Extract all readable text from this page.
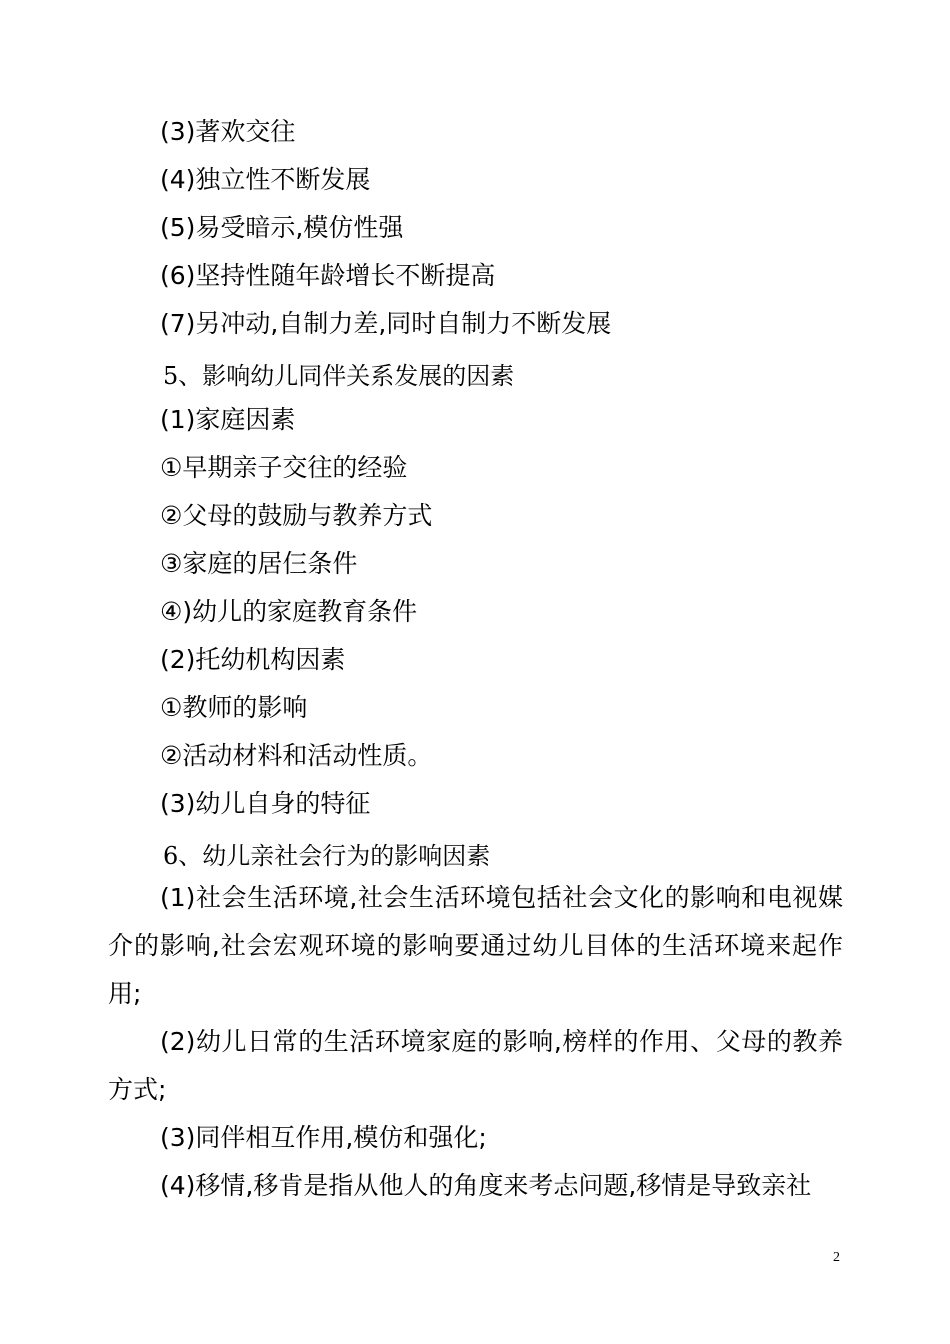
(3)著欢交往
(4)独立性不断发展
(5)易受暗示,模仿性强
(6)坚持性随年龄增长不断提高
(7)另冲动,自制力差,同时自制力不断发展
5、影响幼儿同伴关系发展的因素
(1)家庭因素
①早期亲子交往的经验
②父母的鼓励与教养方式
③家庭的居仨条件
④)幼儿的家庭教育条件
(2)托幼机构因素
①教师的影响
②活动材料和活动性质。
(3)幼儿自身的特征
6、幼儿亲社会行为的影响因素
(1)社会生活环境,社会生活环境包括社会文化的影响和电视媒介的影响,社会宏观环境的影响要通过幼儿目体的生活环境来起作用;
(2)幼儿日常的生活环境家庭的影响,榜样的作用、父母的教养方式;
(3)同伴相互作用,模仿和强化;
(4)移情,移肯是指从他人的角度来考忐问题,移情是导致亲社
2
